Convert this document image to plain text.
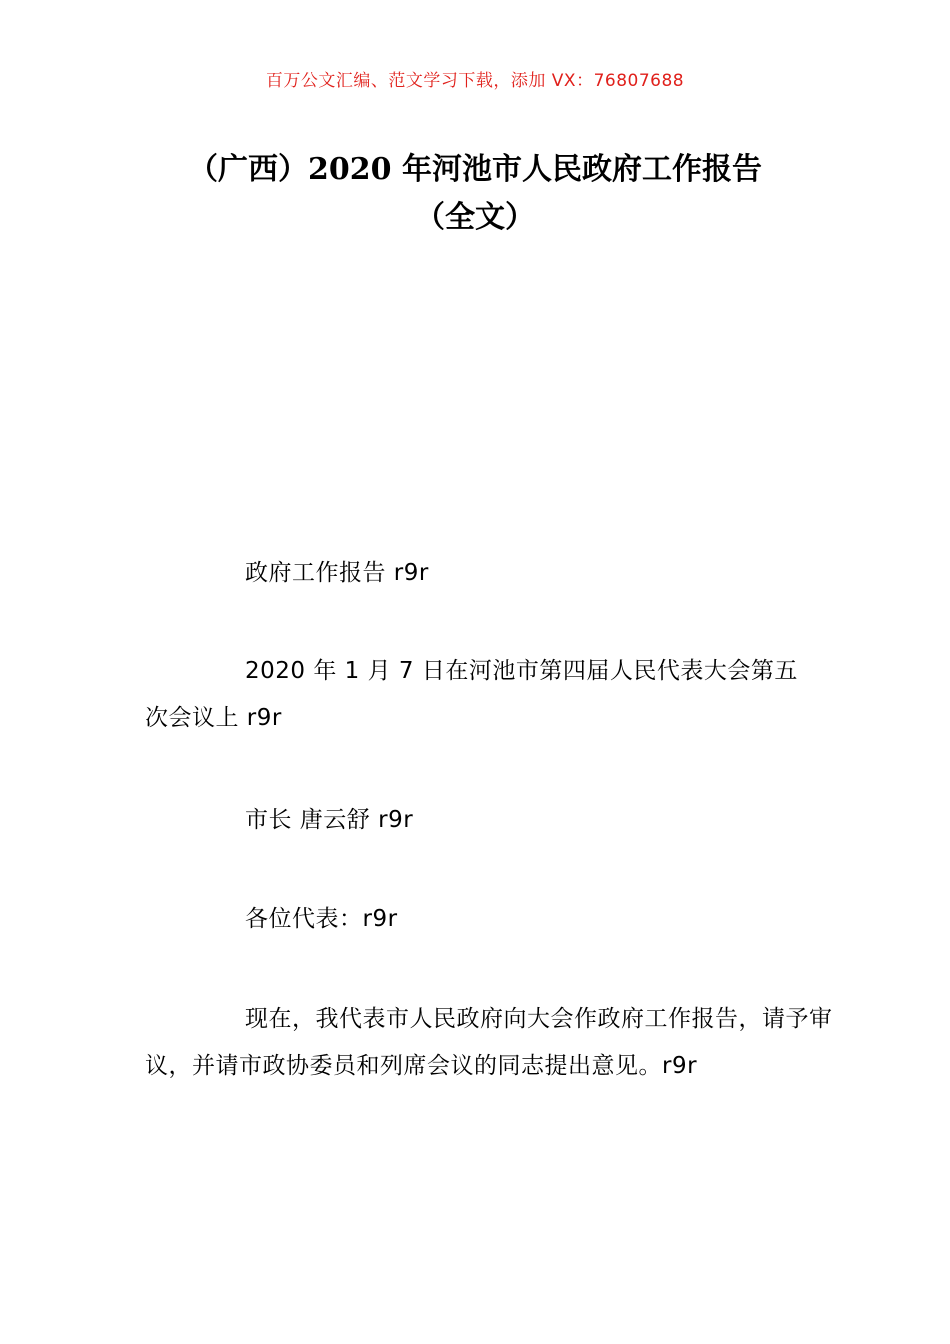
百万公文汇编、范文学习下载，添加 VX：76807688
（广西）2020 年河池市人民政府工作报告
（全文）
政府工作报告 r9r
2020 年 1 月 7 日在河池市第四届人民代表大会第五次会议上 r9r
市长 唐云舒 r9r
各位代表：r9r
现在，我代表市人民政府向大会作政府工作报告，请予审议，并请市政协委员和列席会议的同志提出意见。r9r
